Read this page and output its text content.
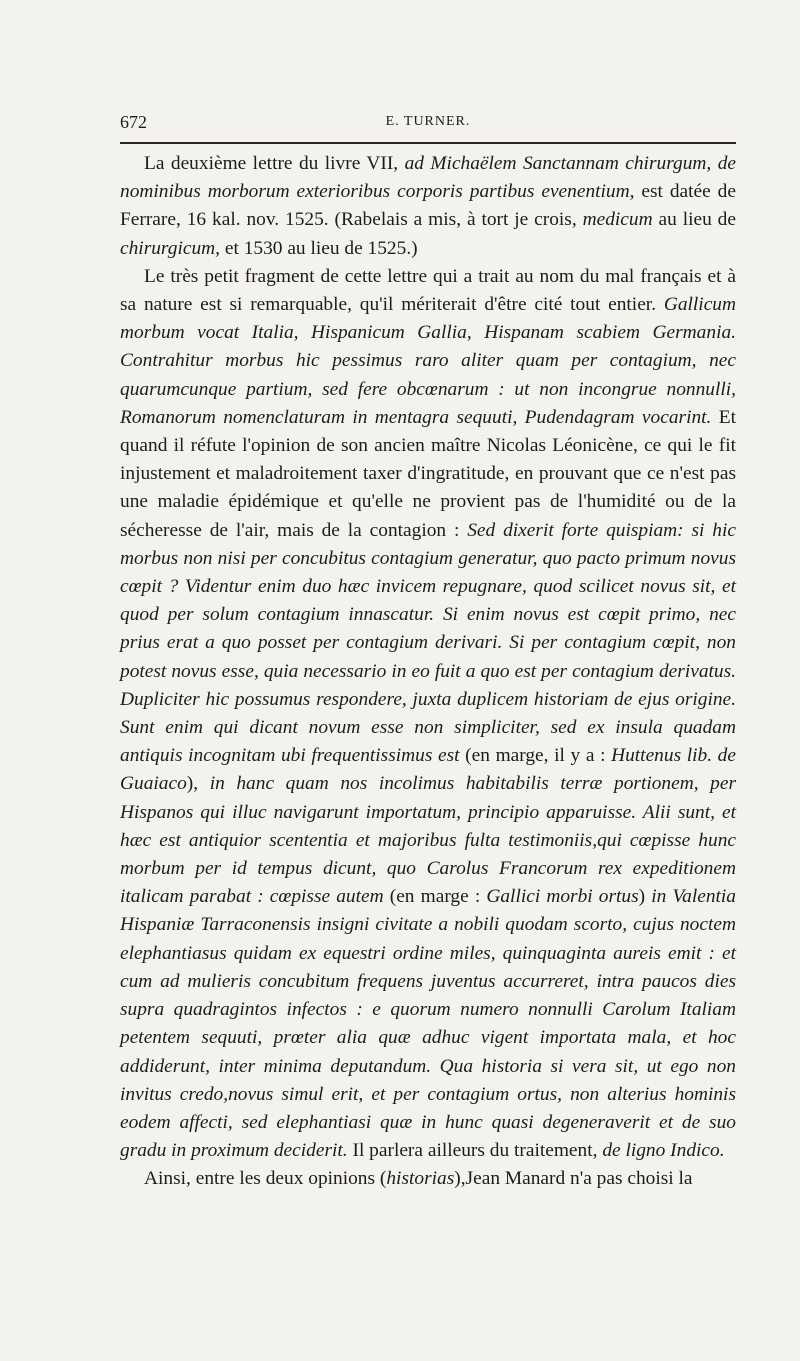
672	E. TURNER.

La deuxième lettre du livre VII, ad Michaëlem Sanctannam chirurgum, de nominibus morborum exterioribus corporis partibus evenentium, est datée de Ferrare, 16 kal. nov. 1525. (Rabelais a mis, à tort je crois, medicum au lieu de chirurgicum, et 1530 au lieu de 1525.)

Le très petit fragment de cette lettre qui a trait au nom du mal français et à sa nature est si remarquable, qu'il mériterait d'être cité tout entier. Gallicum morbum vocat Italia, Hispanicum Gallia, Hispanam scabiem Germania. Contrahitur morbus hic pessimus raro aliter quam per contagium, nec quarumcunque partium, sed fere obcœnarum : ut non incongrue nonnulli, Romanorum nomenclaturam in mentagra sequuti, Pudendagram vocarint. Et quand il réfute l'opinion de son ancien maître Nicolas Léonicène, ce qui le fit injustement et maladroitement taxer d'ingratitude, en prouvant que ce n'est pas une maladie épidémique et qu'elle ne provient pas de l'humidité ou de la sécheresse de l'air, mais de la contagion : Sed dixerit forte quispiam: si hic morbus non nisi per concubitus contagium generatur, quo pacto primum novus cœpit ? Videntur enim duo hæc invicem repugnare, quod scilicet novus sit, et quod per solum contagium innascatur. Si enim novus est cœpit primo, nec prius erat a quo posset per contagium derivari. Si per contagium cœpit, non potest novus esse, quia necessario in eo fuit a quo est per contagium derivatus. Dupliciter hic possumus respondere, juxta duplicem historiam de ejus origine. Sunt enim qui dicant novum esse non simpliciter, sed ex insula quadam antiquis incognitam ubi frequentissimus est (en marge, il y a : Huttenus lib. de Guaiaco), in hanc quam nos incolimus habitabilis terræ portionem, per Hispanos qui illuc navigarunt importatum, principio apparuisse. Alii sunt, et hæc est antiquior scententia et majoribus fulta testimoniis,qui cœpisse hunc morbum per id tempus dicunt, quo Carolus Francorum rex expeditionem italicam parabat : cœpisse autem (en marge : Gallici morbi ortus) in Valentia Hispaniæ Tarraconensis insigni civitate a nobili quodam scorto, cujus noctem elephantiasus quidam ex equestri ordine miles, quinquaginta aureis emit : et cum ad mulieris concubitum frequens juventus accurreret, intra paucos dies supra quadragintos infectos : e quorum numero nonnulli Carolum Italiam petentem sequuti, prœter alia quæ adhuc vigent importata mala, et hoc addiderunt, inter minima deputandum. Qua historia si vera sit, ut ego non invitus credo,novus simul erit, et per contagium ortus, non alterius hominis eodem affecti, sed elephantiasi quæ in hunc quasi degeneraverit et de suo gradu in proximum deciderit. Il parlera ailleurs du traitement, de ligno Indico.

Ainsi, entre les deux opinions (historias),Jean Manard n'a pas choisi la
